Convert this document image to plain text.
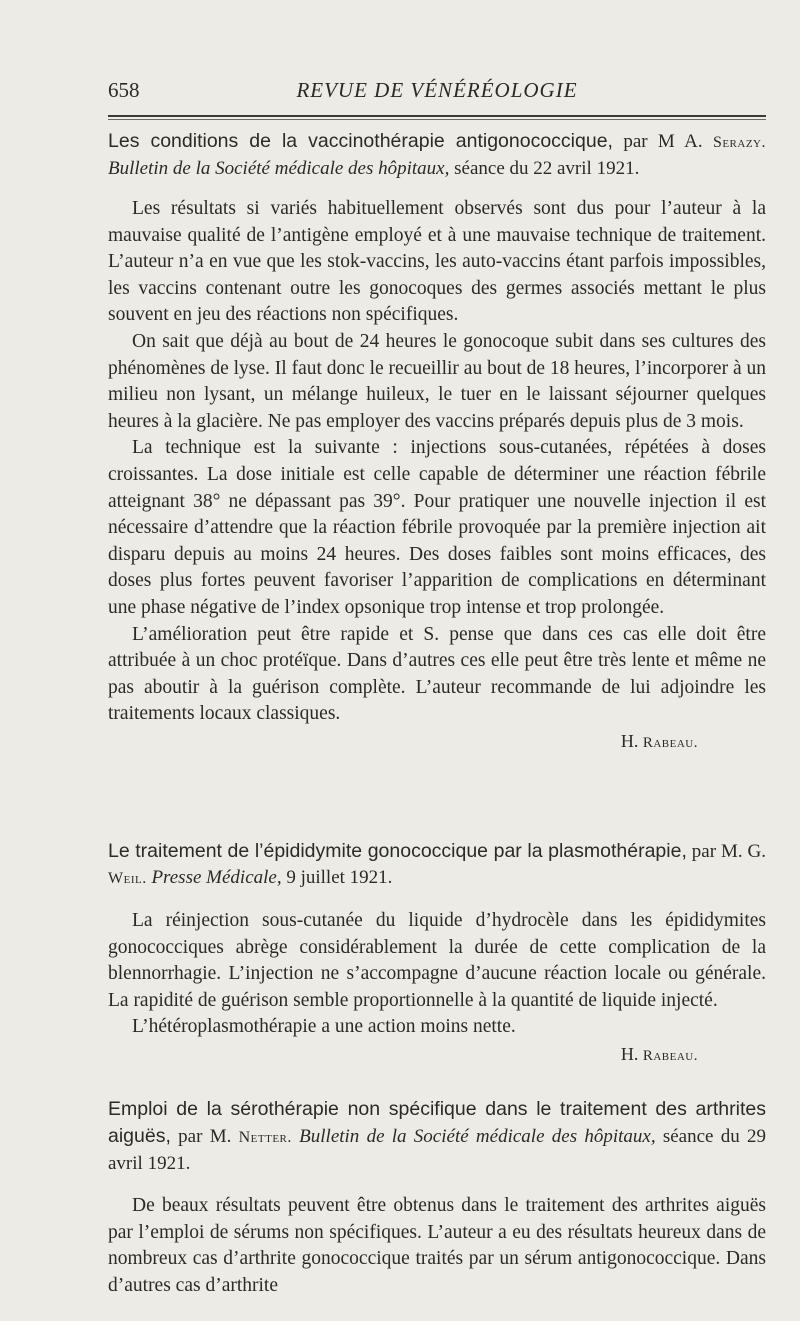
658	REVUE DE VÉNÉRÉOLOGIE

Les conditions de la vaccinothérapie antigonococcique, par M A. Serazy. Bulletin de la Société médicale des hôpitaux, séance du 22 avril 1921.

Les résultats si variés habituellement observés sont dus pour l’auteur à la mauvaise qualité de l’antigène employé et à une mauvaise technique de traitement. L’auteur n’a en vue que les stok-vaccins, les auto-vaccins étant parfois impossibles, les vaccins contenant outre les gonocoques des germes associés mettant le plus souvent en jeu des réactions non spécifiques.

On sait que déjà au bout de 24 heures le gonocoque subit dans ses cultures des phénomènes de lyse. Il faut donc le recueillir au bout de 18 heures, l’incorporer à un milieu non lysant, un mélange huileux, le tuer en le laissant séjourner quelques heures à la glacière. Ne pas employer des vaccins préparés depuis plus de 3 mois.

La technique est la suivante : injections sous-cutanées, répétées à doses croissantes. La dose initiale est celle capable de déterminer une réaction fébrile atteignant 38° ne dépassant pas 39°. Pour pratiquer une nouvelle injection il est nécessaire d’attendre que la réaction fébrile provoquée par la première injection ait disparu depuis au moins 24 heures. Des doses faibles sont moins efficaces, des doses plus fortes peuvent favoriser l’apparition de complications en déterminant une phase négative de l’index opsonique trop intense et trop prolongée.

L’amélioration peut être rapide et S. pense que dans ces cas elle doit être attribuée à un choc protéïque. Dans d’autres ces elle peut être très lente et même ne pas aboutir à la guérison complète. L’auteur recommande de lui adjoindre les traitements locaux classiques.

H. Rabeau.

Le traitement de l’épididymite gonococcique par la plasmothérapie, par M. G. Weil. Presse Médicale, 9 juillet 1921.

La réinjection sous-cutanée du liquide d’hydrocèle dans les épididymites gonococciques abrège considérablement la durée de cette complication de la blennorrhagie. L’injection ne s’accompagne d’aucune réaction locale ou générale. La rapidité de guérison semble proportionnelle à la quantité de liquide injecté.

L’hétéroplasmothérapie a une action moins nette.

H. Rabeau.

Emploi de la sérothérapie non spécifique dans le traitement des arthrites aiguës, par M. Netter. Bulletin de la Société médicale des hôpitaux, séance du 29 avril 1921.

De beaux résultats peuvent être obtenus dans le traitement des arthrites aiguës par l’emploi de sérums non spécifiques. L’auteur a eu des résultats heureux dans de nombreux cas d’arthrite gonococcique traités par un sérum antigonococcique. Dans d’autres cas d’arthrite
